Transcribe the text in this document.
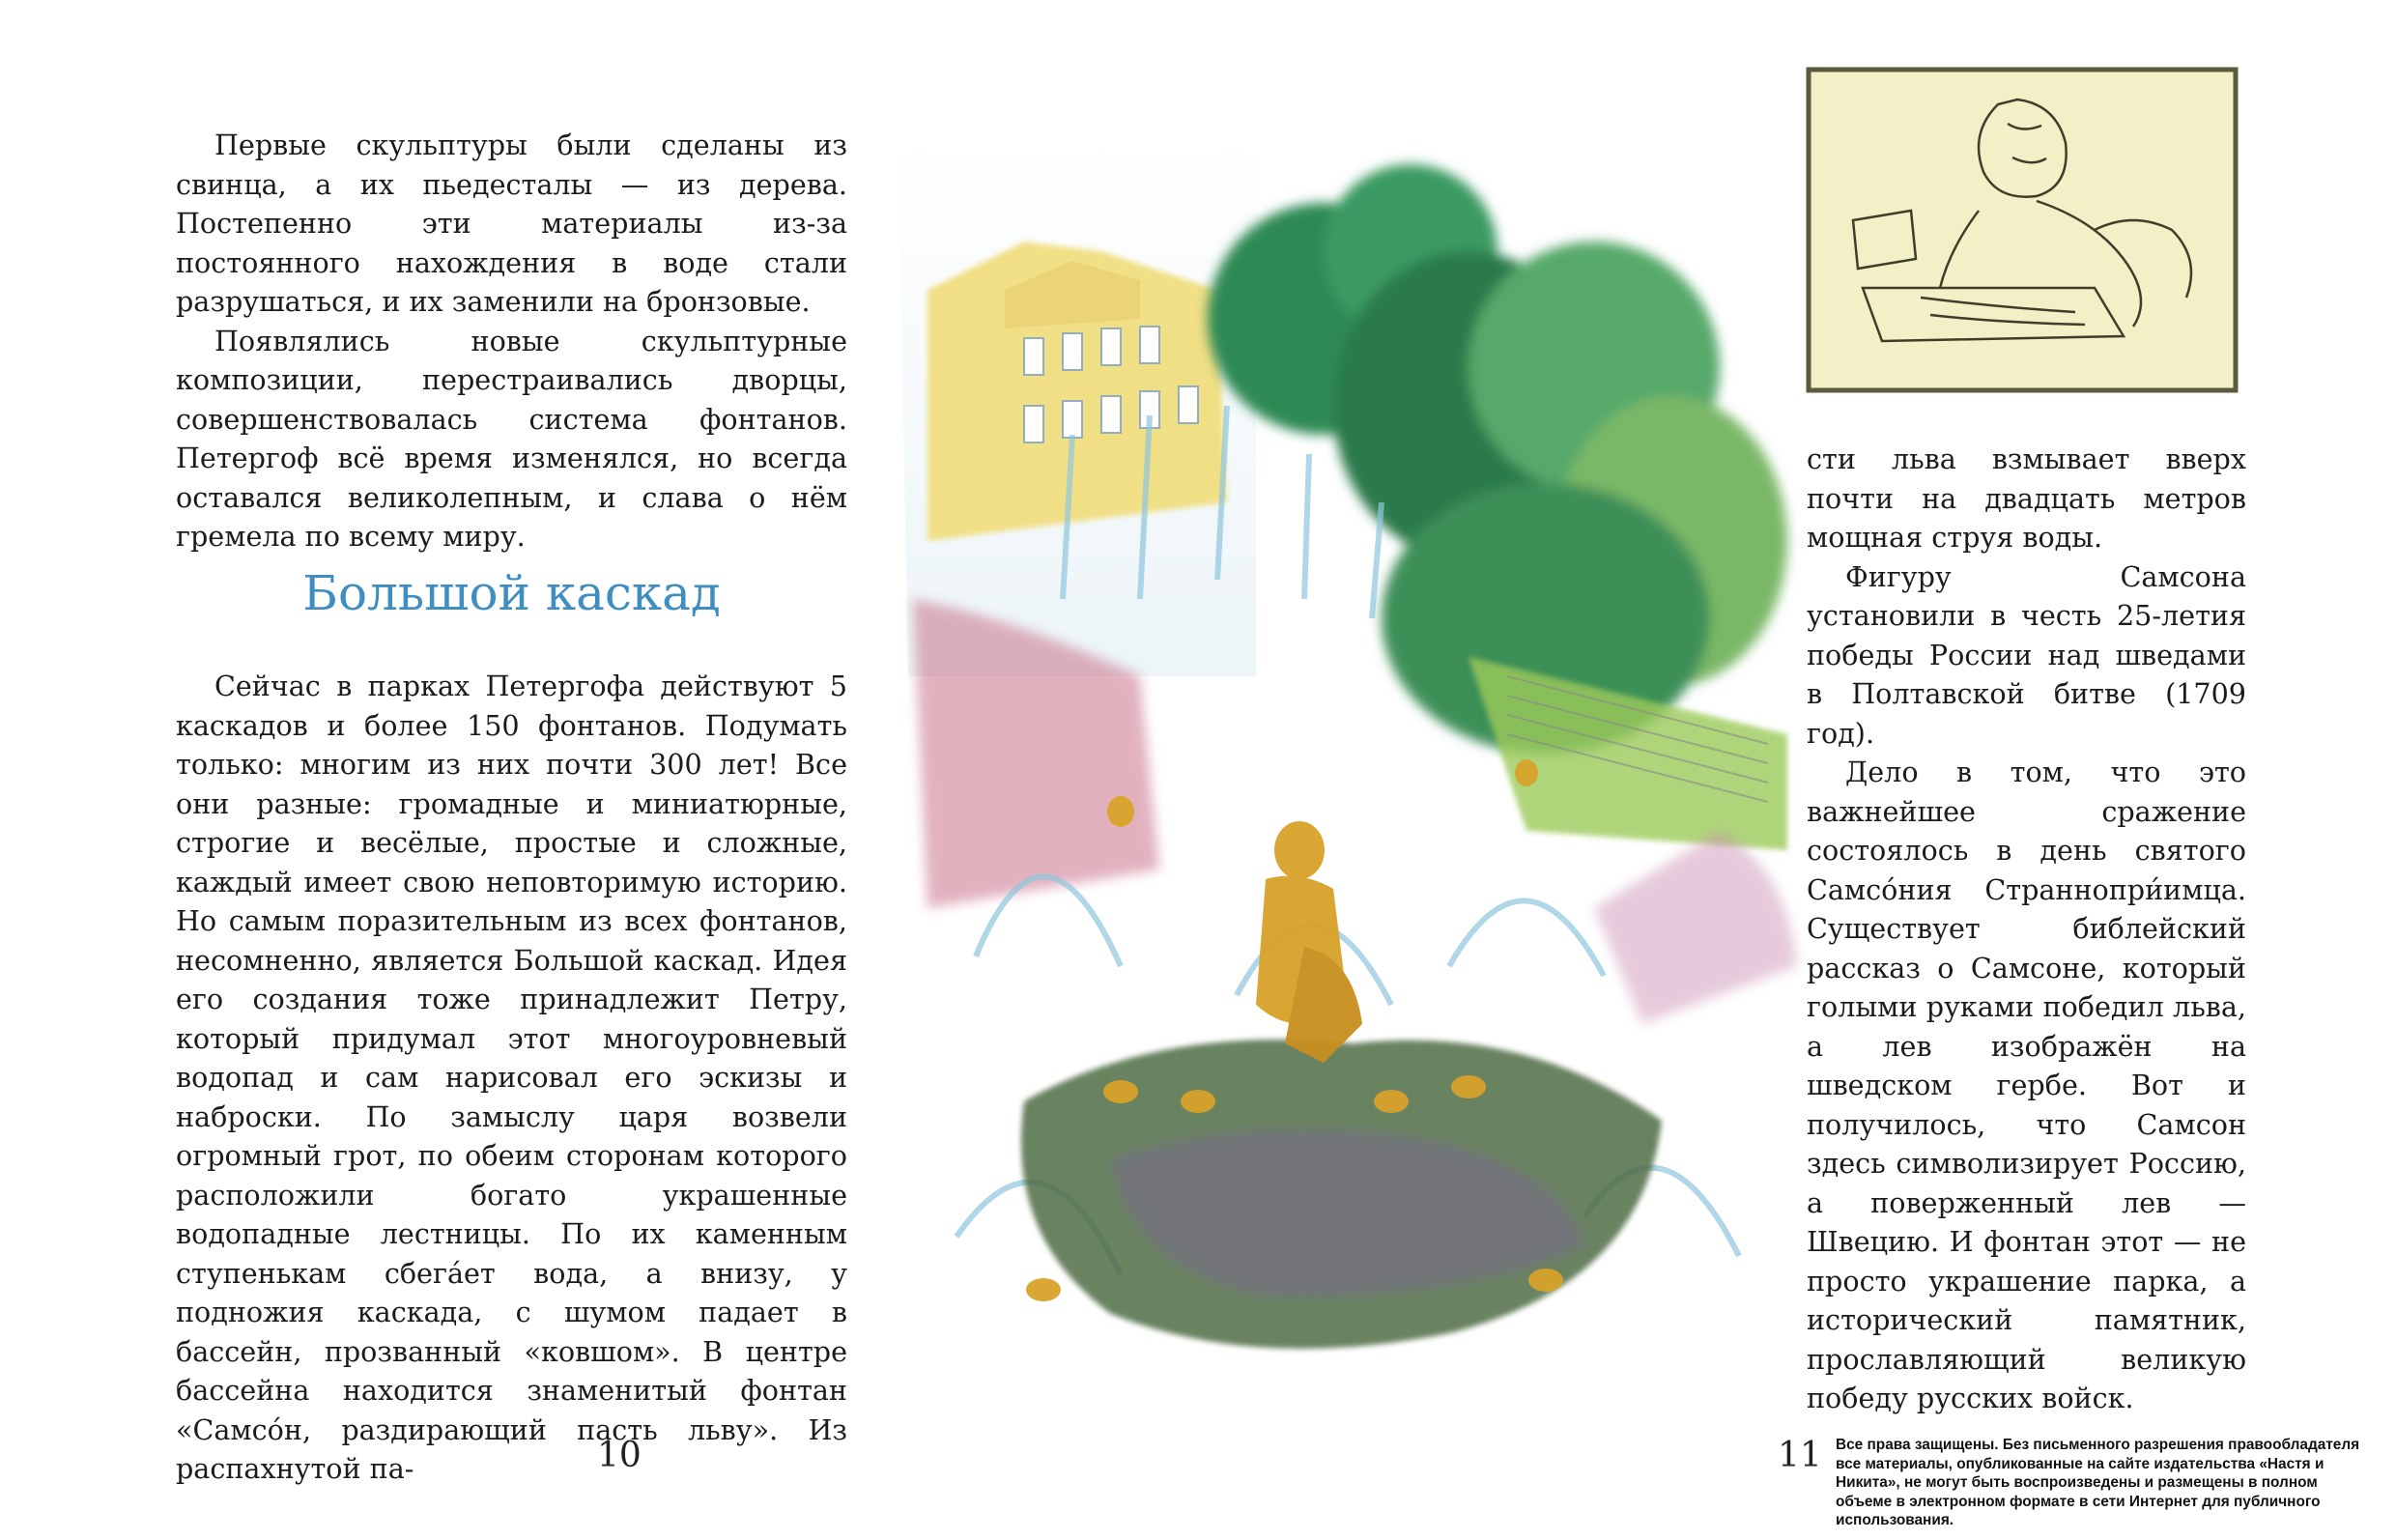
Первые скульптуры были сделаны из свинца, а их пьедесталы — из дерева. Постепенно эти материалы из-за постоянного нахождения в воде стали разрушаться, и их заменили на бронзовые.

Появлялись новые скульптурные композиции, перестраивались дворцы, совершенствовалась система фонтанов. Петергоф всё время изменялся, но всегда оставался великолепным, и слава о нём гремела по всему миру.

Большой каскад

Сейчас в парках Петергофа действуют 5 каскадов и более 150 фонтанов. Подумать только: многим из них почти 300 лет! Все они разные: громадные и миниатюрные, строгие и весёлые, простые и сложные, каждый имеет свою неповторимую историю. Но самым поразительным из всех фонтанов, несомненно, является Большой каскад. Идея его создания тоже принадлежит Петру, который придумал этот многоуровневый водопад и сам нарисовал его эскизы и наброски. По замыслу царя возвели огромный грот, по обеим сторонам которого расположили богато украшенные водопадные лестницы. По их каменным ступенькам сбега́ет вода, а внизу, у подножия каскада, с шумом падает в бассейн, прозванный «ковшом». В центре бассейна находится знаменитый фонтан «Самсо́н, раздирающий пасть льву». Из распахнутой па-

сти льва взмывает вверх почти на двадцать метров мощная струя воды.

Фигуру Самсона установили в честь 25-летия победы России над шведами в Полтавской битве (1709 год).

Дело в том, что это важнейшее сражение состоялось в день святого Самсо́ния Страннопри́имца. Существует библейский рассказ о Самсоне, который голыми руками победил льва, а лев изображён на шведском гербе. Вот и получилось, что Самсон здесь символизирует Россию, а поверженный лев — Швецию. И фонтан этот — не просто украшение парка, а исторический памятник, прославляющий великую победу русских войск.

10	11 Все права защищены. Без письменного разрешения правообладателя все материалы, опубликованные на сайте издательства «Настя и Никита», не могут быть воспроизведены и размещены в полном объеме в электронном формате в сети Интернет для публичного использования.
